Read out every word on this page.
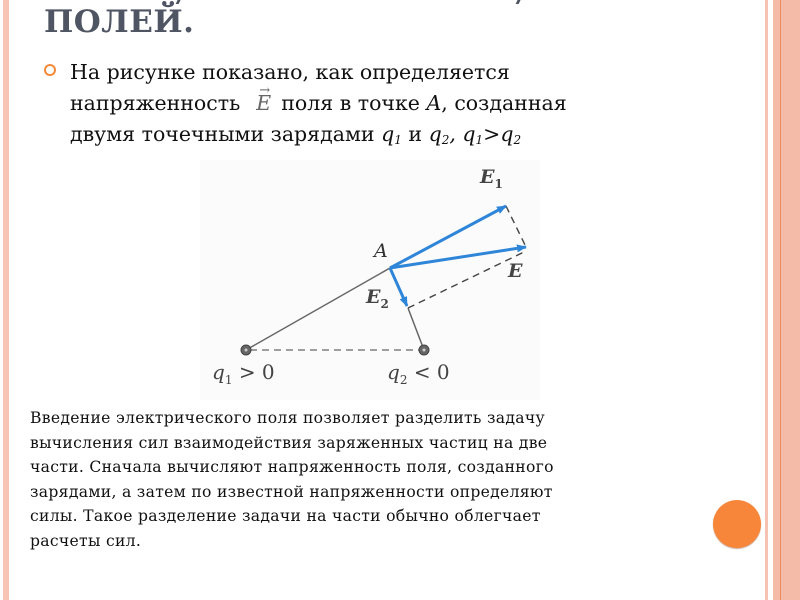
ПОЛЕЙ.
На рисунке показано, как определяется
напряженность → E поля в точке A, созданная
двумя точечными зарядами $q_1$ и $q_2$, $q_1>q_2$
A
$E_1$
E
$E_2$
$q_1 > 0$	$q_2 < 0$
Введение электрического поля позволяет разделить задачу
вычисления сил взаимодействия заряженных частиц на две
части. Сначала вычисляют напряженность поля, созданного
зарядами, а затем по известной напряженности определяют
силы. Такое разделение задачи на части обычно облегчает
расчеты сил.
